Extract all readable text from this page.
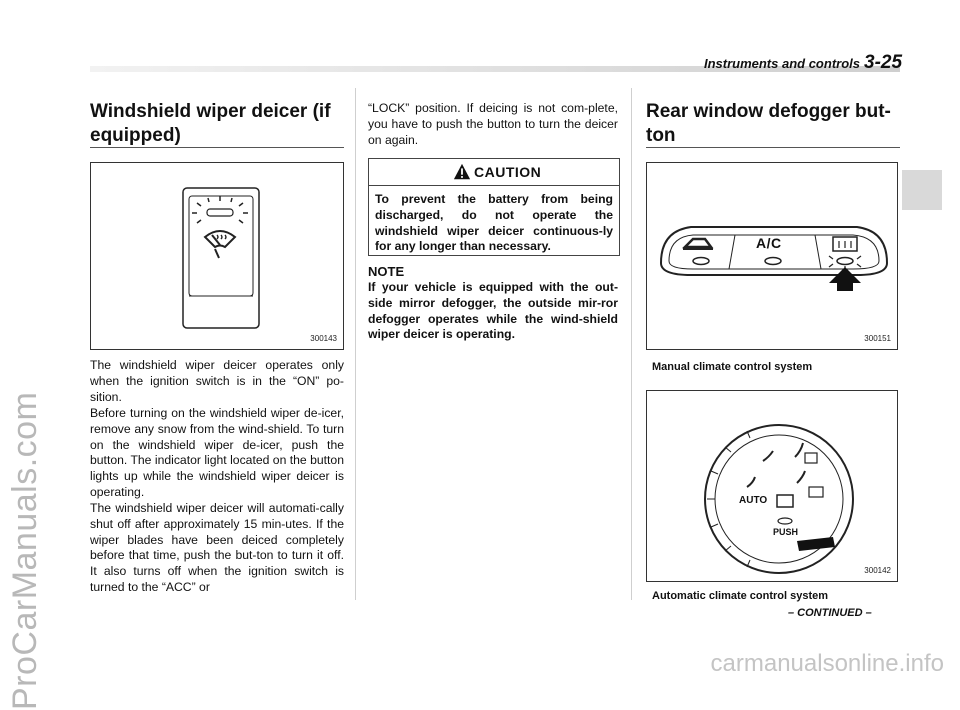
ProCarManuals.com	carmanualsonline.info
Instruments and controls 3-25
Windshield wiper deicer (if
equipped)
300143

The windshield wiper deicer operates only when the ignition switch is in the “ON” po-sition.

Before turning on the windshield wiper de-icer, remove any snow from the wind-shield. To turn on the windshield wiper de-icer, push the button. The indicator light located on the button lights up while the windshield wiper deicer is operating.

The windshield wiper deicer will automati-cally shut off after approximately 15 min-utes. If the wiper blades have been deiced completely before that time, push the but-ton to turn it off. It also turns off when the ignition switch is turned to the “ACC” or

“LOCK” position. If deicing is not com-plete, you have to push the button to turn the deicer on again.

CAUTION
To prevent the battery from being discharged, do not operate the windshield wiper deicer continuous-ly for any longer than necessary.
NOTE

If your vehicle is equipped with the out-side mirror defogger, the outside mir-ror defogger operates while the wind-shield wiper deicer is operating.

Rear window defogger but-
ton
300151
A/C
Manual climate control system
AUTO
PUSH
300142
Automatic climate control system
– CONTINUED –
